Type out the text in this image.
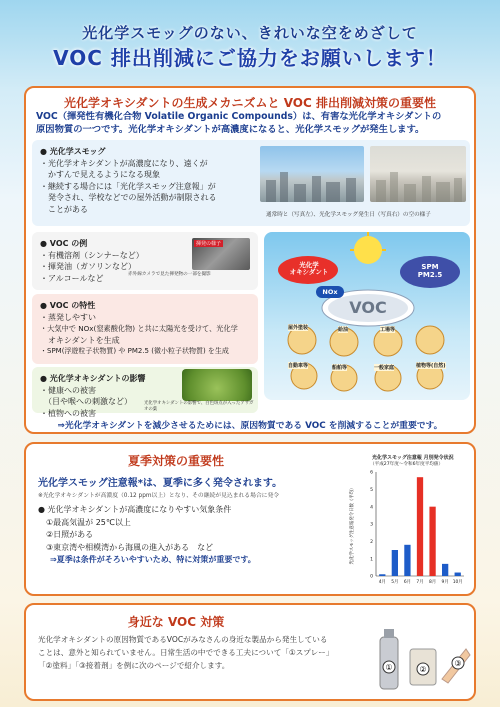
光化学スモッグのない、きれいな空をめざして
VOC 排出削減にご協力をお願いします！
光化学オキシダントの生成メカニズムと VOC 排出削減対策の重要性
VOC（揮発性有機化合物 Volatile Organic Compounds）は、有害な光化学オキシダントの
原因物質の一つです。光化学オキシダントが高濃度になると、光化学スモッグが発生します。
● 光化学スモッグ
・光化学オキシダントが高濃度になり、遠くが
　かすんで見えるようになる現象
・継続する場合には「光化学スモッグ注意報」が
　発令され、学校などでの屋外活動が制限される
　ことがある
通常時と（写真左）、光化学スモッグ発生日（写真右）の空の様子
● VOC の例
・有機溶剤（シンナーなど）
・揮発油（ガソリンなど）
・アルコールなど
揮発の様子
赤外線カメラで見た揮発物の一部を撮影
● VOC の特性
・蒸発しやすい
・大気中で NOx(窒素酸化物) と共に太陽光を受けて、光化学
　オキシダントを生成
・SPM(浮遊粒子状物質) や PM2.5 (微小粒子状物質) を生成
● 光化学オキシダントの影響
・健康への被害
　（目や喉への刺激など）
・植物への被害
光化学オキシダントの影響で、白色斑点が入ったアサガオの葉
光化学
オキシダント
SPM
PM2.5
NOx
VOC
屋外塗装	給油	工場等
自動車等	船舶等	一般家庭	植物等(自然)
⇒光化学オキシダントを減少させるためには、原因物質である VOC を削減することが重要です。
夏季対策の重要性
光化学スモッグ注意報*は、夏季に多く発令されます。
※光化学オキシダントが高濃度（0.12 ppm以上）となり、その継続が見込まれる場合に発令
● 光化学オキシダントが高濃度になりやすい気象条件
　①最高気温が 25℃以上
　②日照がある
　③東京湾や相模湾から海風の進入がある　など
⇒夏季は条件がそろいやすいため、特に対策が重要です。
光化学スモッグ注意報 月別発令状況
（平成27年度～令和6年度平均値）
光化学スモッグ注意報発令日数（平均）
0
1
2
3
4
5
6
4月 5月 6月 7月 8月 9月 10月
身近な VOC 対策
光化学オキシダントの原因物質であるVOCがみなさんの身近な製品から発生している
ことは、意外と知られていません。日常生活の中でできる工夫について「①スプレー」
「②塗料」「③接着剤」を例に次のページで紹介します。	①	②
③
